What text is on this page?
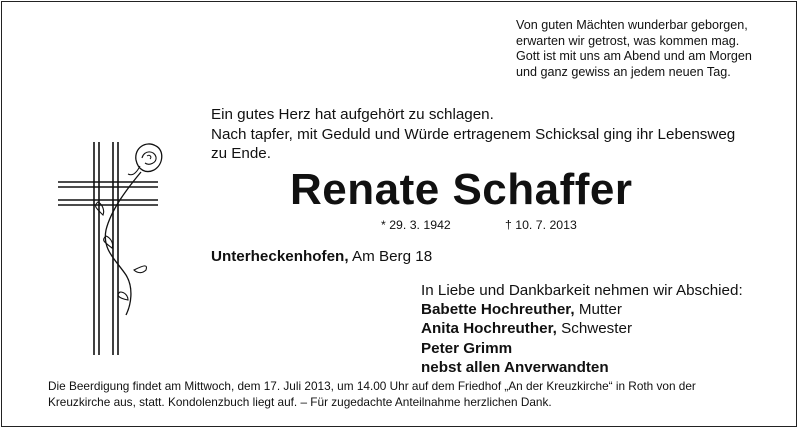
Von guten Mächten wunderbar geborgen,
erwarten wir getrost, was kommen mag.
Gott ist mit uns am Abend und am Morgen
und ganz gewiss an jedem neuen Tag.
Ein gutes Herz hat aufgehört zu schlagen.
Nach tapfer, mit Geduld und Würde ertragenem Schicksal ging ihr Lebensweg
zu Ende.
Renate Schaffer
* 29. 3. 1942	† 10. 7. 2013
Unterheckenhofen, Am Berg 18
In Liebe und Dankbarkeit nehmen wir Abschied:
Babette Hochreuther, Mutter
Anita Hochreuther, Schwester
Peter Grimm
nebst allen Anverwandten
Die Beerdigung findet am Mittwoch, dem 17. Juli 2013, um 14.00 Uhr auf dem Friedhof „An der Kreuzkirche“ in Roth von der
Kreuzkirche aus, statt. Kondolenzbuch liegt auf. – Für zugedachte Anteilnahme herzlichen Dank.
